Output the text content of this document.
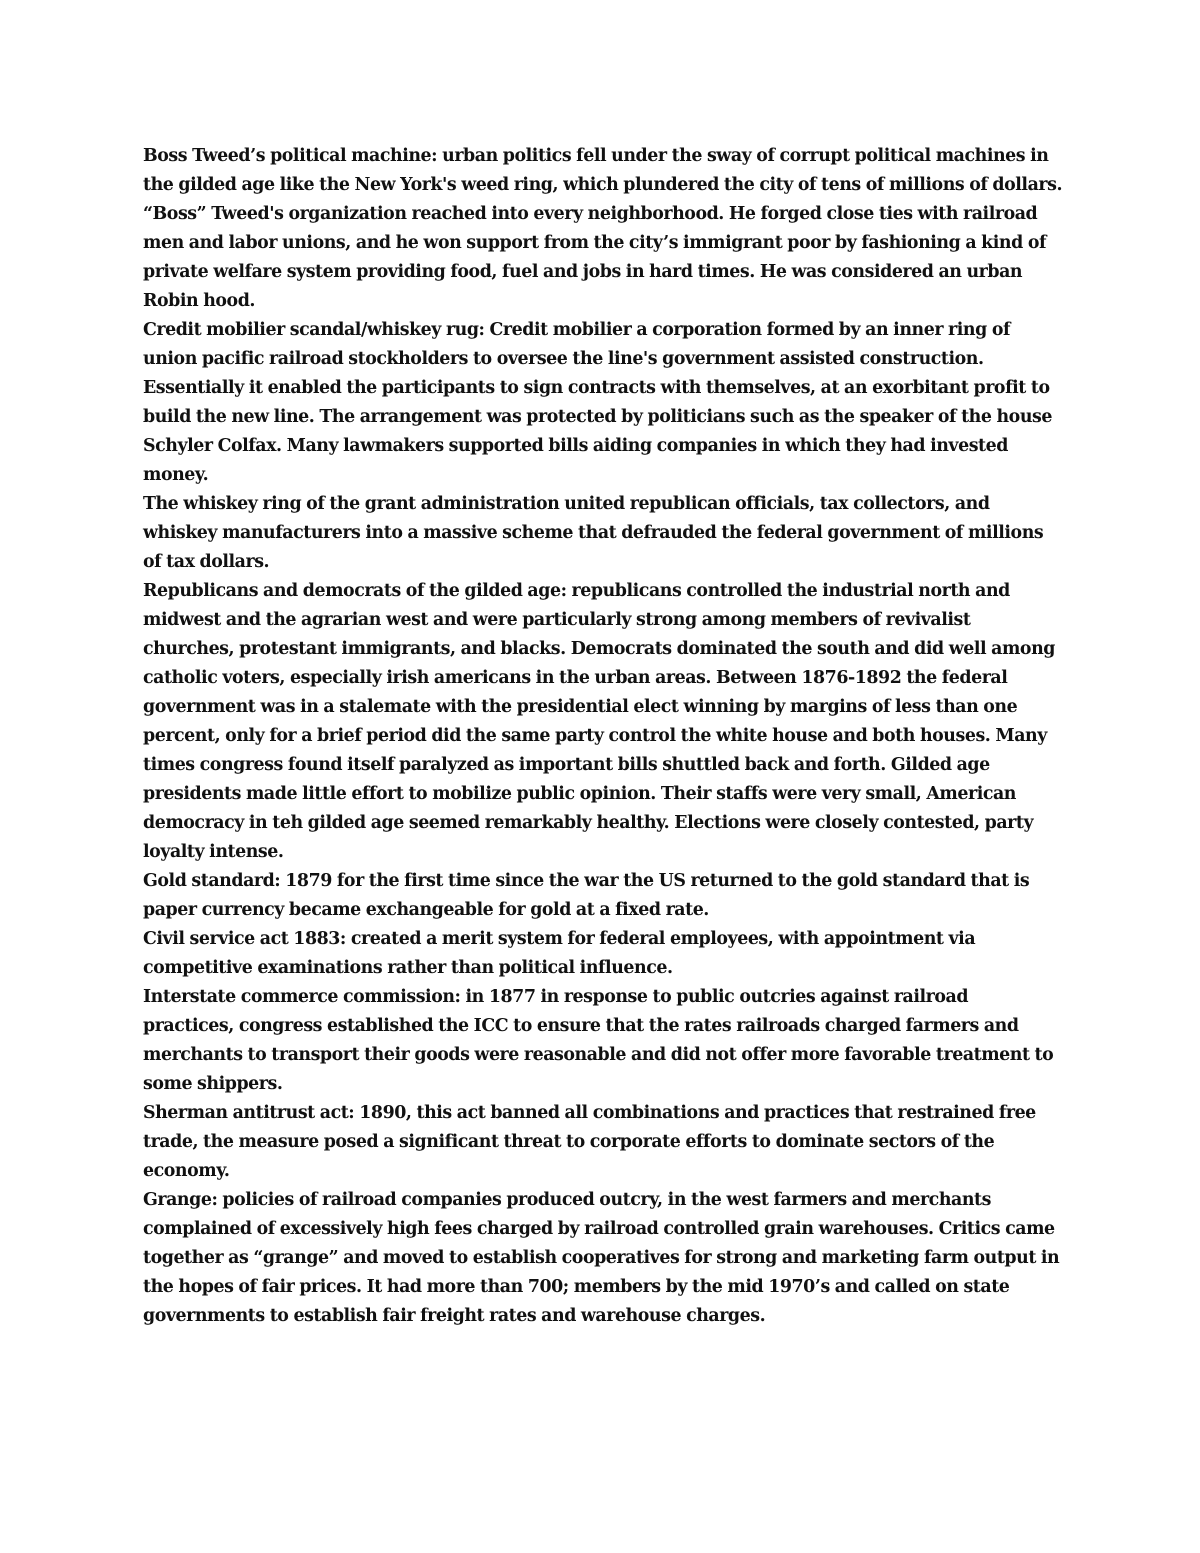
Boss Tweed’s political machine: urban politics fell under the sway of corrupt political machines in the gilded age like the New York's weed ring, which plundered the city of tens of millions of dollars. “Boss” Tweed's organization reached into every neighborhood. He forged close ties with railroad men and labor unions, and he won support from the city’s immigrant poor by fashioning a kind of private welfare system providing food, fuel and jobs in hard times. He was considered an urban Robin hood.

Credit mobilier scandal/whiskey rug: Credit mobilier a corporation formed by an inner ring of union pacific railroad stockholders to oversee the line's government assisted construction. Essentially it enabled the participants to sign contracts with themselves, at an exorbitant profit to build the new line. The arrangement was protected by politicians such as the speaker of the house Schyler Colfax. Many lawmakers supported bills aiding companies in which they had invested money.

The whiskey ring of the grant administration united republican officials, tax collectors, and whiskey manufacturers into a massive scheme that defrauded the federal government of millions of tax dollars.

Republicans and democrats of the gilded age: republicans controlled the industrial north and midwest and the agrarian west and were particularly strong among members of revivalist churches, protestant immigrants, and blacks. Democrats dominated the south and did well among catholic voters, especially irish americans in the urban areas. Between 1876-1892 the federal government was in a stalemate with the presidential elect winning by margins of less than one percent, only for a brief period did the same party control the white house and both houses. Many times congress found itself paralyzed as important bills shuttled back and forth. Gilded age presidents made little effort to mobilize public opinion. Their staffs were very small, American democracy in teh gilded age seemed remarkably healthy. Elections were closely contested, party loyalty intense.

Gold standard: 1879 for the first time since the war the US returned to the gold standard that is paper currency became exchangeable for gold at a fixed rate.

Civil service act 1883: created a merit system for federal employees, with appointment via competitive examinations rather than political influence.

Interstate commerce commission: in 1877 in response to public outcries against railroad practices, congress established the ICC to ensure that the rates railroads charged farmers and merchants to transport their goods were reasonable and did not offer more favorable treatment to some shippers.

Sherman antitrust act: 1890, this act banned all combinations and practices that restrained free trade, the measure posed a significant threat to corporate efforts to dominate sectors of the economy.

Grange: policies of railroad companies produced outcry, in the west farmers and merchants complained of excessively high fees charged by railroad controlled grain warehouses. Critics came together as “grange” and moved to establish cooperatives for strong and marketing farm output in the hopes of fair prices. It had more than 700; members by the mid 1970’s and called on state governments to establish fair freight rates and warehouse charges.
